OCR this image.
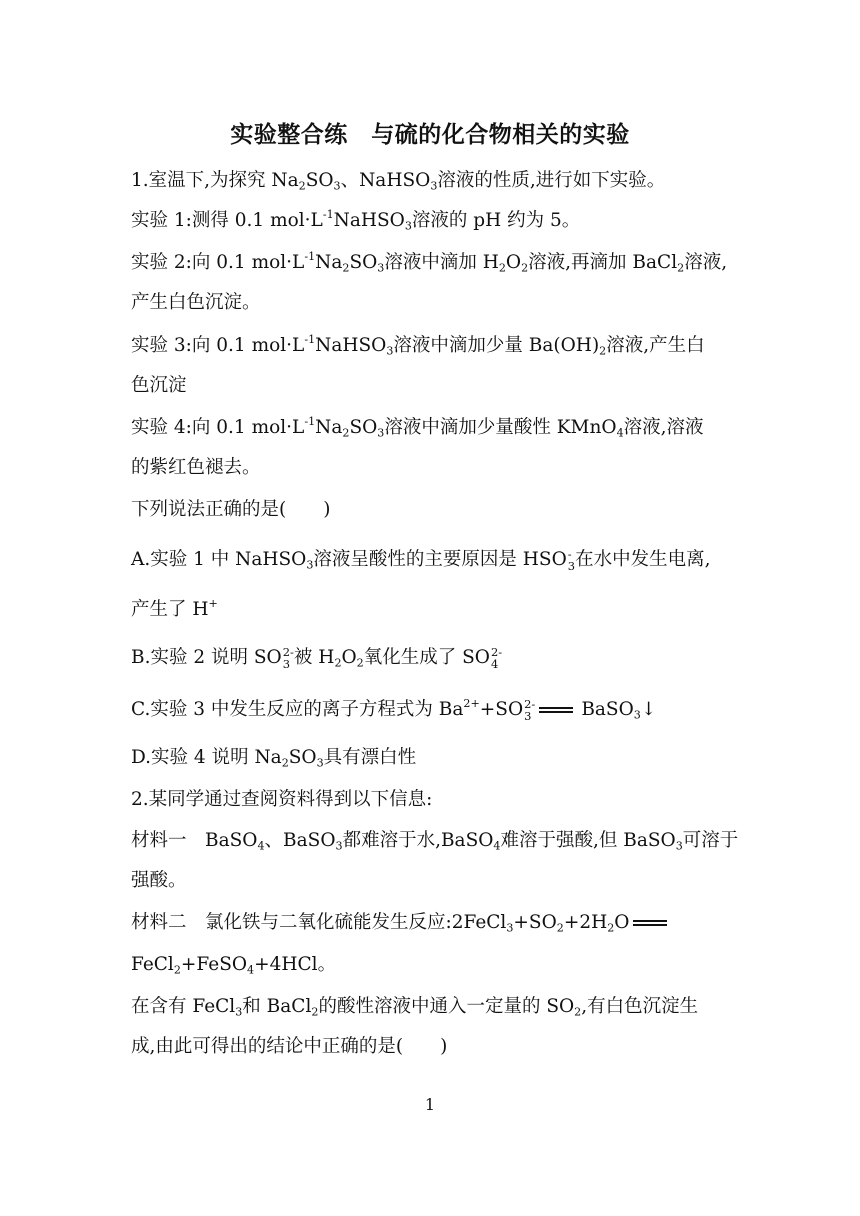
实验整合练　与硫的化合物相关的实验
1.室温下,为探究 $Na_2SO_3$、NaHSO$_3$溶液的性质,进行如下实验。
实验 1:测得 0.1 $mol\cdot L^{-1}NaHSO_3$溶液的 pH 约为 5。
实验 2:向 0.1 $mol\cdot L^{-1}Na_2SO_3$溶液中滴加 $H_2O_2$溶液,再滴加 BaCl$_2$溶液,
产生白色沉淀。
实验 3:向 0.1 $mol\cdot L^{-1}NaHSO_3$溶液中滴加少量 $Ba(OH)_2$溶液,产生白
色沉淀
实验 4:向 0.1 $mol\cdot L^{-1}Na_2SO_3$溶液中滴加少量酸性 KMnO$_4$溶液,溶液
的紫红色褪去。
下列说法正确的是(　　)
A.实验 1 中 NaHSO$_3$溶液呈酸性的主要原因是 HSO -
3 在水中发生电离,
产生了 H+
B.实验 2 说明 SO 2-
3 被 $H_2O_2$氧化生成了 SO 2-
4
C.实验 3 中发生反应的离子方程式为 $Ba^{2+}+SO$ 2-
3	BaSO$_3$↓
D.实验 4 说明 $Na_2SO_3$具有漂白性
2.某同学通过查阅资料得到以下信息:
材料一　BaSO$_4$、BaSO$_3$都难溶于水,BaSO$_4$难溶于强酸,但 BaSO$_3$可溶于
强酸。
材料二　氯化铁与二氧化硫能发生反应$:2FeCl_3+SO_2+2H_2O$
FeCl$_2$+FeSO$_4$+4HCl。
在含有 FeCl$_3$和 BaCl$_2$的酸性溶液中通入一定量的 $SO_2$,有白色沉淀生
成,由此可得出的结论中正确的是(　　)
1
